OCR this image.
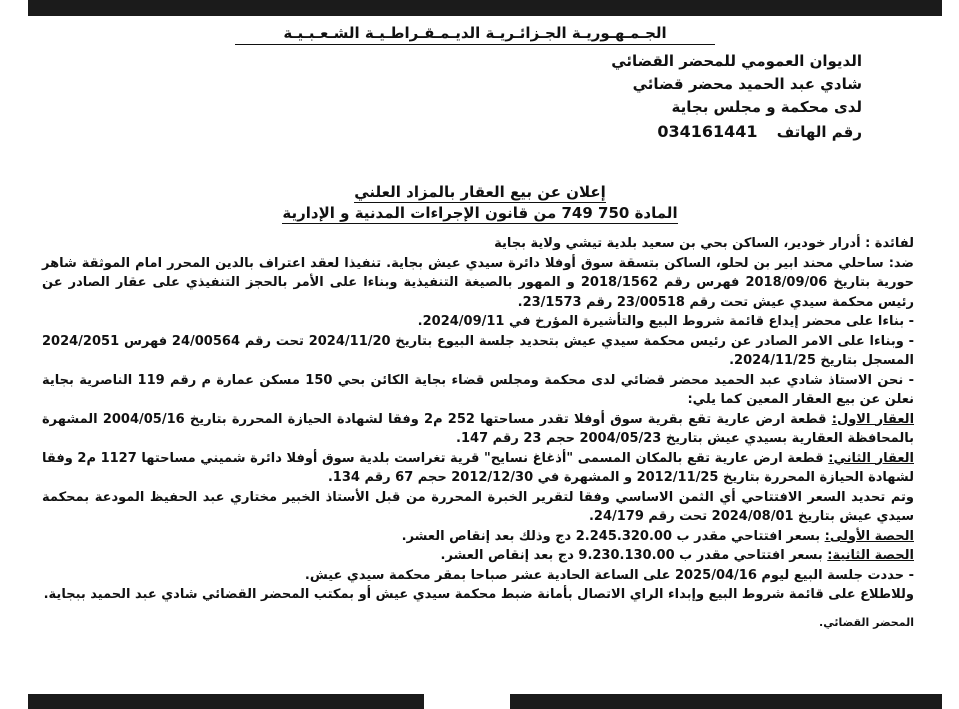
الجـمـهـوريـة الجـزائـريـة الديـمـقـراطـيـة الشـعـبـيـة
الديوان العمومي للمحضر القضائي
شادي عبد الحميد محضر قضائي
لدى محكمة و مجلس بجاية
رقم الهاتف 034161441
إعلان عن بيع العقار بالمزاد العلني
المادة 750 749 من قانون الإجراءات المدنية و الإدارية

لفائدة : أدرار خودير، الساكن بحي بن سعيد بلدية تيشي ولاية بجاية

ضد: ساحلي محند ابير بن لحلو، الساكن بتسقة سوق أوفلا دائرة سيدي عيش بجاية. تنفيذا لعقد اعتراف بالدين المحرر امام الموثقة شاهر حورية بتاريخ 2018/09/06 فهرس رقم 2018/1562 و المهور بالصيغة التنفيذية وبناءا على الأمر بالحجز التنفيذي على عقار الصادر عن رئيس محكمة سيدي عيش تحت رقم 23/00518 رقم 23/1573.

- بناءا على محضر إيداع قائمة شروط البيع والتأشيرة المؤرخ في 2024/09/11.

- وبناءا على الامر الصادر عن رئيس محكمة سيدي عيش بتحديد جلسة البيوع بتاريخ 2024/11/20 تحت رقم 24/00564 فهرس 2024/2051 المسجل بتاريخ 2024/11/25.

- نحن الاستاذ شادي عبد الحميد محضر قضائي لدى محكمة ومجلس قضاء بجاية الكائن بحي 150 مسكن عمارة م رقم 119 الناصرية بجاية نعلن عن بيع العقار المعين كما يلي:

العقار الاول: قطعة ارض عارية تقع بقرية سوق أوفلا تقدر مساحتها 252 م2 وفقا لشهادة الحيازة المحررة بتاريخ 2004/05/16 المشهرة بالمحافظة العقارية بسيدي عيش بتاريخ 2004/05/23 حجم 23 رقم 147.

العقار الثاني: قطعة ارض عارية تقع بالمكان المسمى "أذغاغ نسايح" قرية تغراست بلدية سوق أوفلا دائرة شميني مساحتها 1127 م2 وفقا لشهادة الحيازة المحررة بتاريخ 2012/11/25 و المشهرة في 2012/12/30 حجم 67 رقم 134.

وتم تحديد السعر الافتتاحي أي الثمن الاساسي وفقا لتقرير الخبرة المحررة من قبل الأستاذ الخبير مختاري عبد الحفيظ المودعة بمحكمة سيدي عيش بتاريخ 2024/08/01 تحت رقم 24/179.

الحصة الأولى: بسعر افتتاحي مقدر ب 2.245.320.00 دج وذلك بعد إنقاص العشر.

الحصة الثانية: بسعر افتتاحي مقدر ب 9.230.130.00 دج بعد إنقاص العشر.

- حددت جلسة البيع ليوم 2025/04/16 على الساعة الحادية عشر صباحا بمقر محكمة سيدي عيش.

وللاطلاع على قائمة شروط البيع وإبداء الراي الاتصال بأمانة ضبط محكمة سيدي عيش أو بمكتب المحضر القضائي شادي عبد الحميد ببجاية.

المحضر القضائي.
